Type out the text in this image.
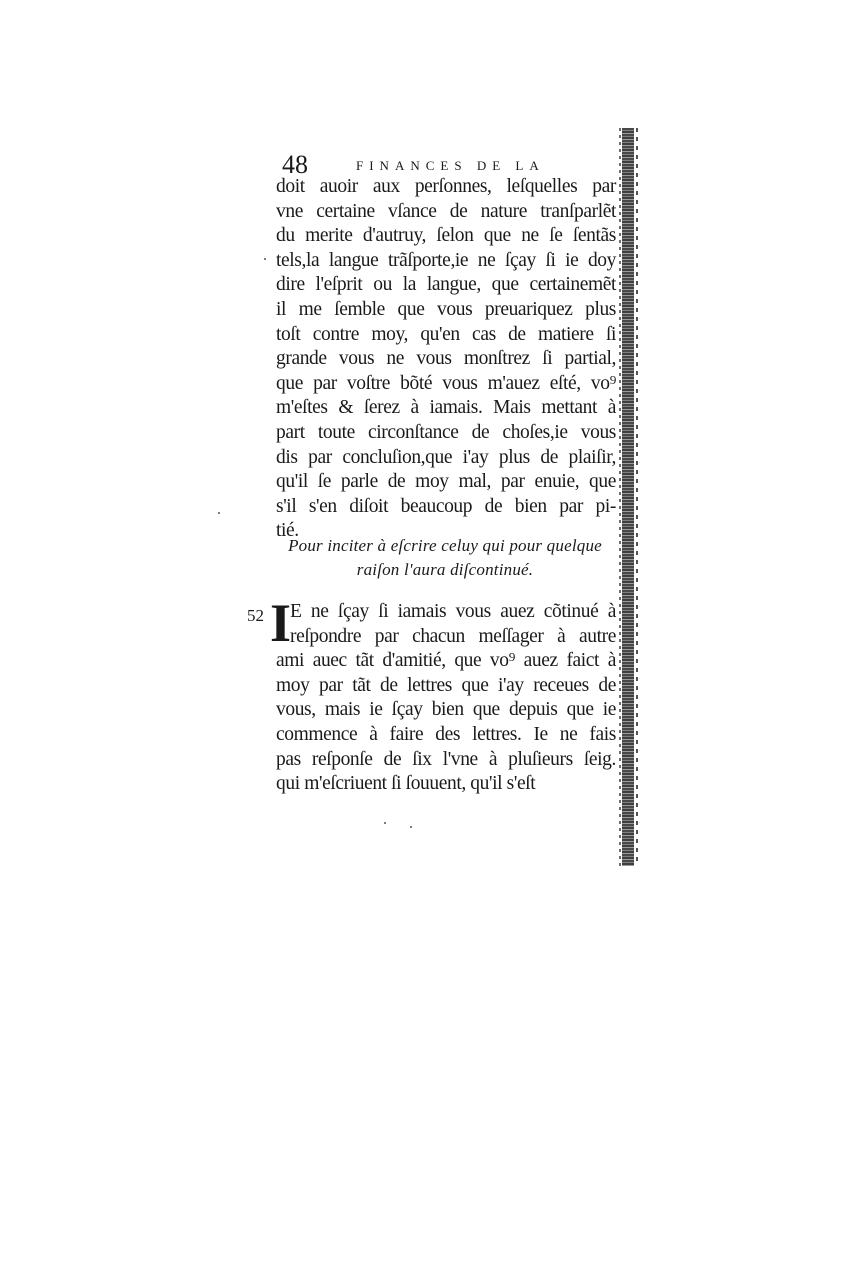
48	FINANCES DE LA
doit auoir aux perſonnes, leſquelles par
vne certaine vſance de nature tranſparlẽt
du merite d'autruy, ſelon que ne ſe ſentãs
tels,la langue trãſporte,ie ne ſçay ſi ie doy
dire l'eſprit ou la langue, que certainemẽt
il me ſemble que vous preuariquez plus
toſt contre moy, qu'en cas de matiere ſi
grande vous ne vous monſtrez ſi partial,
que par voſtre bõté vous m'auez eſté, vo⁹
m'eſtes & ſerez à iamais. Mais mettant à
part toute circonſtance de choſes,ie vous
dis par concluſion,que i'ay plus de plaiſir,
qu'il ſe parle de moy mal, par enuie, que
s'il s'en diſoit beaucoup de bien par pi-
tié.
Pour inciter à eſcrire celuy qui pour quelque
raiſon l'aura diſcontinué.
52 I
E ne ſçay ſi iamais vous auez cõtinué à
reſpondre par chacun meſſager à autre
ami auec tãt d'amitié, que vo⁹ auez faict à
moy par tãt de lettres que i'ay receues de
vous, mais ie ſçay bien que depuis que ie
commence à faire des lettres. Ie ne fais
pas reſponſe de ſix l'vne à pluſieurs ſeig.
qui m'eſcriuent ſi ſouuent, qu'il s'eſt
